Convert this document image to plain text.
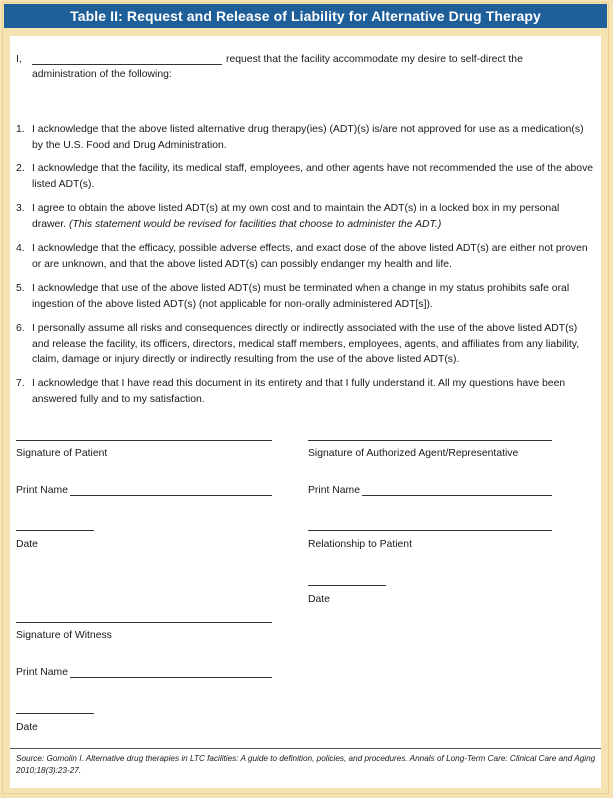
Table II: Request and Release of Liability for Alternative Drug Therapy
I,	request that the facility accommodate my desire to self-direct the
administration of the following:
1. I acknowledge that the above listed alternative drug therapy(ies) (ADT)(s) is/are not approved for use as a medication(s) by the U.S. Food and Drug Administration.
2. I acknowledge that the facility, its medical staff, employees, and other agents have not recommended the use of the above listed ADT(s).
3. I agree to obtain the above listed ADT(s) at my own cost and to maintain the ADT(s) in a locked box in my personal drawer. (This statement would be revised for facilities that choose to administer the ADT.)
4. I acknowledge that the efficacy, possible adverse effects, and exact dose of the above listed ADT(s) are either not proven or are unknown, and that the above listed ADT(s) can possibly endanger my health and life.
5. I acknowledge that use of the above listed ADT(s) must be terminated when a change in my status prohibits safe oral ingestion of the above listed ADT(s) (not applicable for non-orally administered ADT[s]).
6. I personally assume all risks and consequences directly or indirectly associated with the use of the above listed ADT(s) and release the facility, its officers, directors, medical staff members, employees, agents, and affiliates from any liability, claim, damage or injury directly or indirectly resulting from the use of the above listed ADT(s).
7. I acknowledge that I have read this document in its entirety and that I fully understand it. All my questions have been answered fully and to my satisfaction.
Signature of Patient
Print Name
Date
Signature of Witness
Print Name
Date
Signature of Authorized Agent/Representative
Print Name
Relationship to Patient
Date
Source: Gomolin I. Alternative drug therapies in LTC facilities: A guide to definition, policies, and procedures. Annals of Long-Term Care: Clinical Care and Aging 2010;18(3):23-27.
